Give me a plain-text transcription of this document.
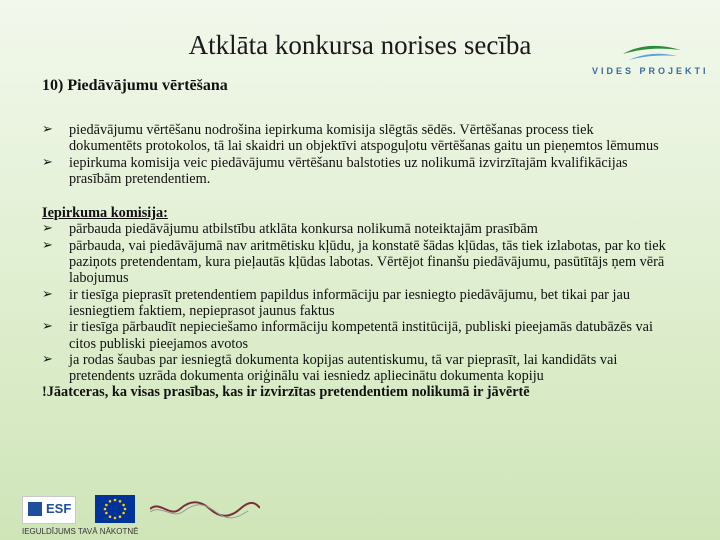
Atklāta konkursa norises secība
VIDES PROJEKTI
10) Piedāvājumu vērtēšana
➢ piedāvājumu vērtēšanu nodrošina iepirkuma komisija slēgtās sēdēs. Vērtēšanas process tiek dokumentēts protokolos, tā lai skaidri un objektīvi atspoguļotu vērtēšanas gaitu un pieņemtos lēmumus
➢ iepirkuma komisija veic piedāvājumu vērtēšanu balstoties uz nolikumā izvirzītajām kvalifikācijas prasībām pretendentiem.
Iepirkuma komisija:
➢ pārbauda piedāvājumu atbilstību atklāta konkursa nolikumā noteiktajām prasībām
➢ pārbauda, vai piedāvājumā nav aritmētisku kļūdu, ja konstatē šādas kļūdas, tās tiek izlabotas, par ko tiek paziņots pretendentam, kura pieļautās kļūdas labotas. Vērtējot finanšu piedāvājumu, pasūtītājs ņem vērā labojumus
➢ ir tiesīga pieprasīt pretendentiem papildus informāciju par iesniegto piedāvājumu, bet tikai par jau iesniegtiem faktiem, nepieprasot jaunus faktus
➢ ir tiesīga pārbaudīt nepieciešamo informāciju kompetentā institūcijā, publiski pieejamās datubāzēs vai citos publiski pieejamos avotos
➢ ja rodas šaubas par iesniegtā dokumenta kopijas autentiskumu, tā var pieprasīt, lai kandidāts vai pretendents uzrāda dokumenta oriģinālu vai iesniedz apliecinātu dokumenta kopiju
!Jāatceras, ka visas prasības, kas ir izvirzītas pretendentiem nolikumā ir jāvērtē
ESF
IEGULDĪJUMS TAVĀ NĀKOTNĒ
